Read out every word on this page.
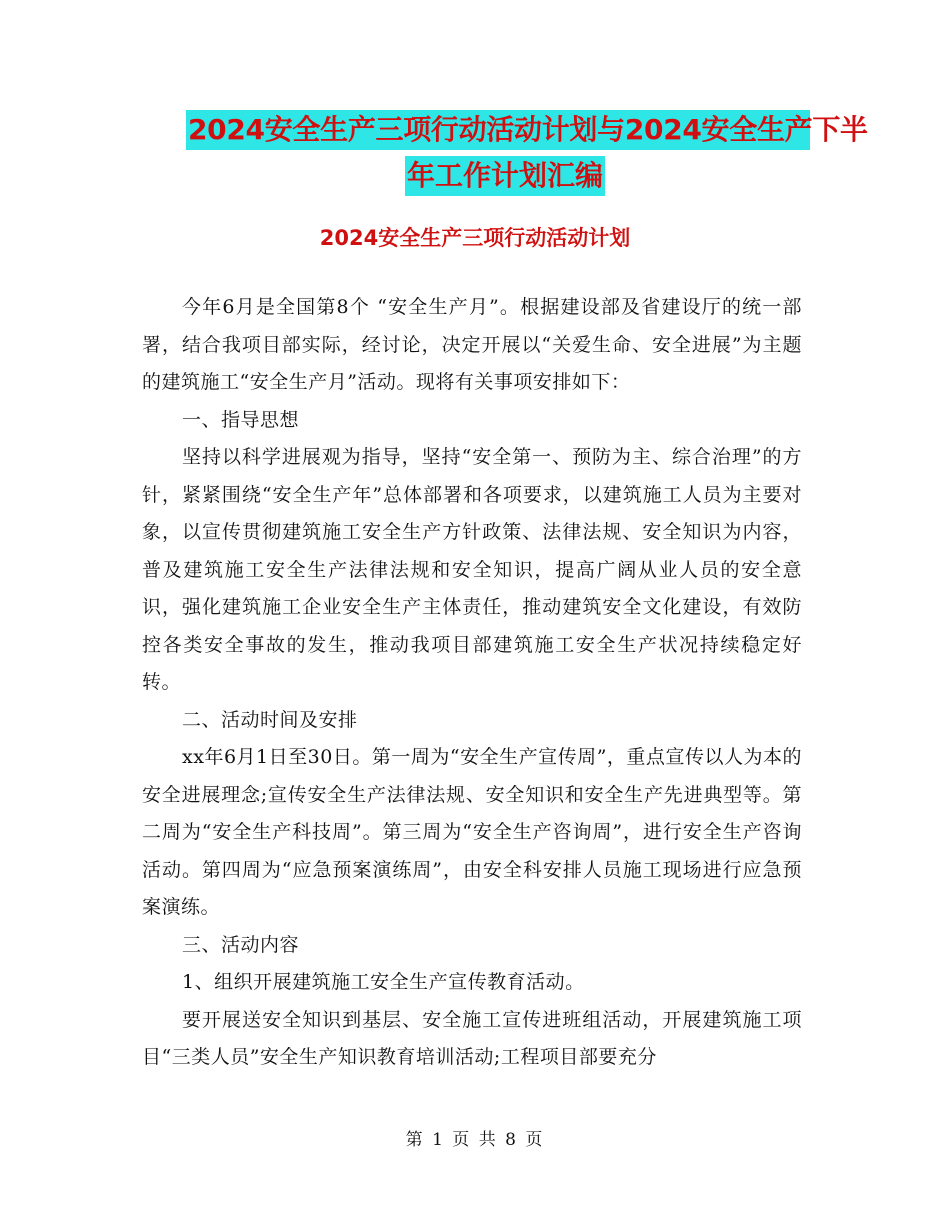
2024安全生产三项行动活动计划与2024安全生产下半
年工作计划汇编
2024安全生产三项行动活动计划

今年6月是全国第8个 “安全生产月”。根据建设部及省建设厅的统一部署，结合我项目部实际，经讨论，决定开展以“关爱生命、安全进展”为主题的建筑施工“安全生产月”活动。现将有关事项安排如下：

一、指导思想

坚持以科学进展观为指导，坚持“安全第一、预防为主、综合治理”的方针，紧紧围绕“安全生产年”总体部署和各项要求，以建筑施工人员为主要对象，以宣传贯彻建筑施工安全生产方针政策、法律法规、安全知识为内容，普及建筑施工安全生产法律法规和安全知识，提高广阔从业人员的安全意识，强化建筑施工企业安全生产主体责任，推动建筑安全文化建设，有效防控各类安全事故的发生，推动我项目部建筑施工安全生产状况持续稳定好转。

二、活动时间及安排

xx年6月1日至30日。第一周为“安全生产宣传周”，重点宣传以人为本的安全进展理念;宣传安全生产法律法规、安全知识和安全生产先进典型等。第二周为“安全生产科技周”。第三周为“安全生产咨询周”，进行安全生产咨询活动。第四周为“应急预案演练周”，由安全科安排人员施工现场进行应急预案演练。

三、活动内容

1、组织开展建筑施工安全生产宣传教育活动。

要开展送安全知识到基层、安全施工宣传进班组活动，开展建筑施工项目“三类人员”安全生产知识教育培训活动;工程项目部要充分

第 1 页 共 8 页
